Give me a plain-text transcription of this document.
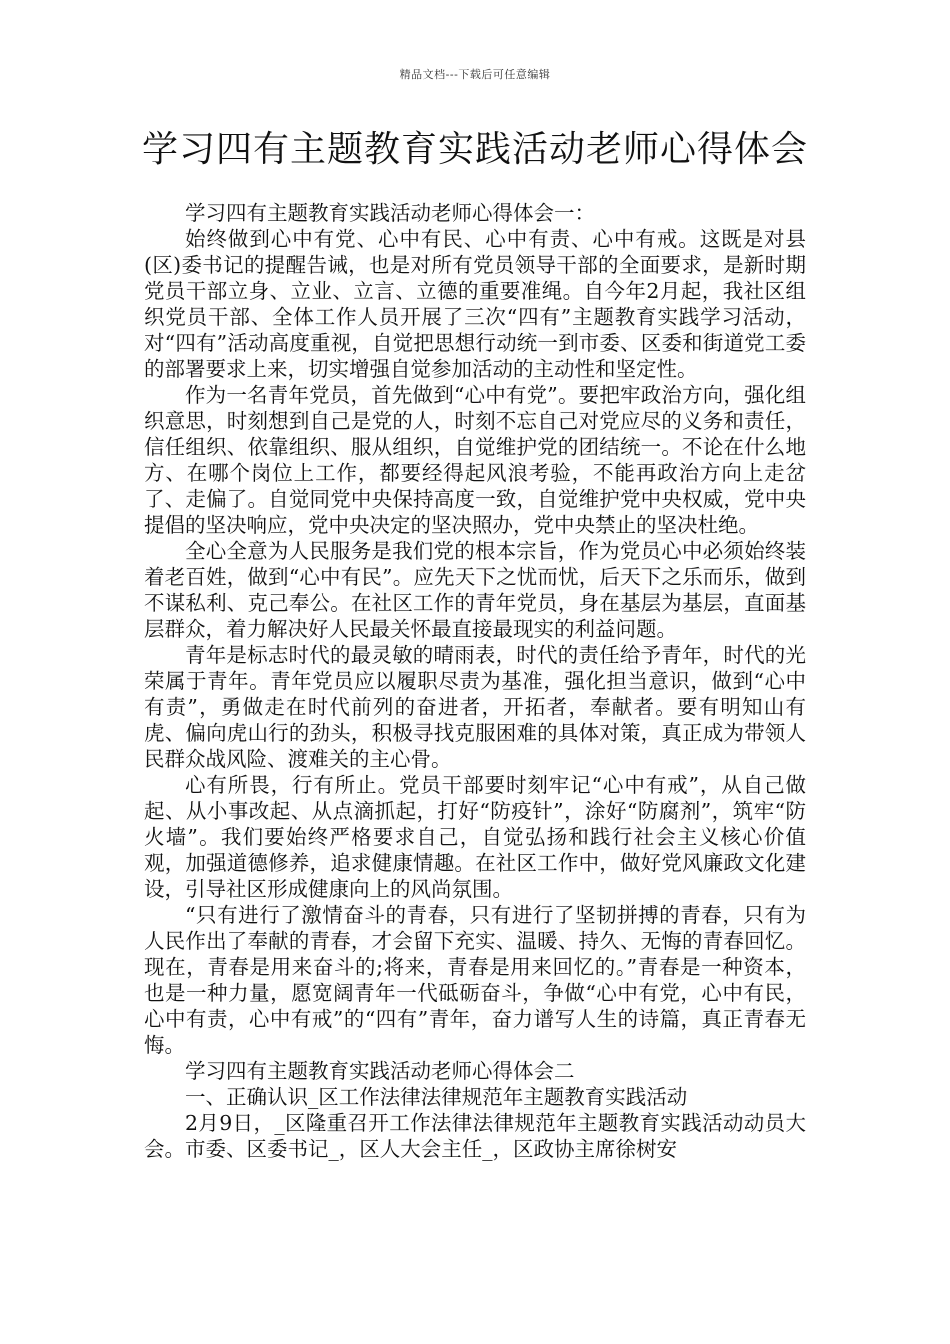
精品文档---下载后可任意编辑
学习四有主题教育实践活动老师心得体会

学习四有主题教育实践活动老师心得体会一：

始终做到心中有党、心中有民、心中有责、心中有戒。这既是对县(区)委书记的提醒告诫，也是对所有党员领导干部的全面要求，是新时期党员干部立身、立业、立言、立德的重要准绳。自今年2月起，我社区组织党员干部、全体工作人员开展了三次“四有”主题教育实践学习活动，对“四有”活动高度重视，自觉把思想行动统一到市委、区委和街道党工委的部署要求上来，切实增强自觉参加活动的主动性和坚定性。

作为一名青年党员，首先做到“心中有党”。要把牢政治方向，强化组织意思，时刻想到自己是党的人，时刻不忘自己对党应尽的义务和责任，信任组织、依靠组织、服从组织，自觉维护党的团结统一。不论在什么地方、在哪个岗位上工作，都要经得起风浪考验，不能再政治方向上走岔了、走偏了。自觉同党中央保持高度一致，自觉维护党中央权威，党中央提倡的坚决响应，党中央决定的坚决照办，党中央禁止的坚决杜绝。

全心全意为人民服务是我们党的根本宗旨，作为党员心中必须始终装着老百姓，做到“心中有民”。应先天下之忧而忧，后天下之乐而乐，做到不谋私利、克己奉公。在社区工作的青年党员，身在基层为基层，直面基层群众，着力解决好人民最关怀最直接最现实的利益问题。

青年是标志时代的最灵敏的晴雨表，时代的责任给予青年，时代的光荣属于青年。青年党员应以履职尽责为基准，强化担当意识，做到“心中有责”，勇做走在时代前列的奋进者，开拓者，奉献者。要有明知山有虎、偏向虎山行的劲头，积极寻找克服困难的具体对策，真正成为带领人民群众战风险、渡难关的主心骨。

心有所畏，行有所止。党员干部要时刻牢记“心中有戒”，从自己做起、从小事改起、从点滴抓起，打好“防疫针”，涂好“防腐剂”，筑牢“防火墙”。我们要始终严格要求自己，自觉弘扬和践行社会主义核心价值观，加强道德修养，追求健康情趣。在社区工作中，做好党风廉政文化建设，引导社区形成健康向上的风尚氛围。

“只有进行了激情奋斗的青春，只有进行了坚韧拼搏的青春，只有为人民作出了奉献的青春，才会留下充实、温暖、持久、无悔的青春回忆。现在，青春是用来奋斗的;将来，青春是用来回忆的。”青春是一种资本，也是一种力量，愿宽阔青年一代砥砺奋斗，争做“心中有党，心中有民，心中有责，心中有戒”的“四有”青年，奋力谱写人生的诗篇，真正青春无悔。

学习四有主题教育实践活动老师心得体会二

一、正确认识_区工作法律法律规范年主题教育实践活动

2月9日，_区隆重召开工作法律法律规范年主题教育实践活动动员大会。市委、区委书记_，区人大会主任_，区政协主席徐树安
